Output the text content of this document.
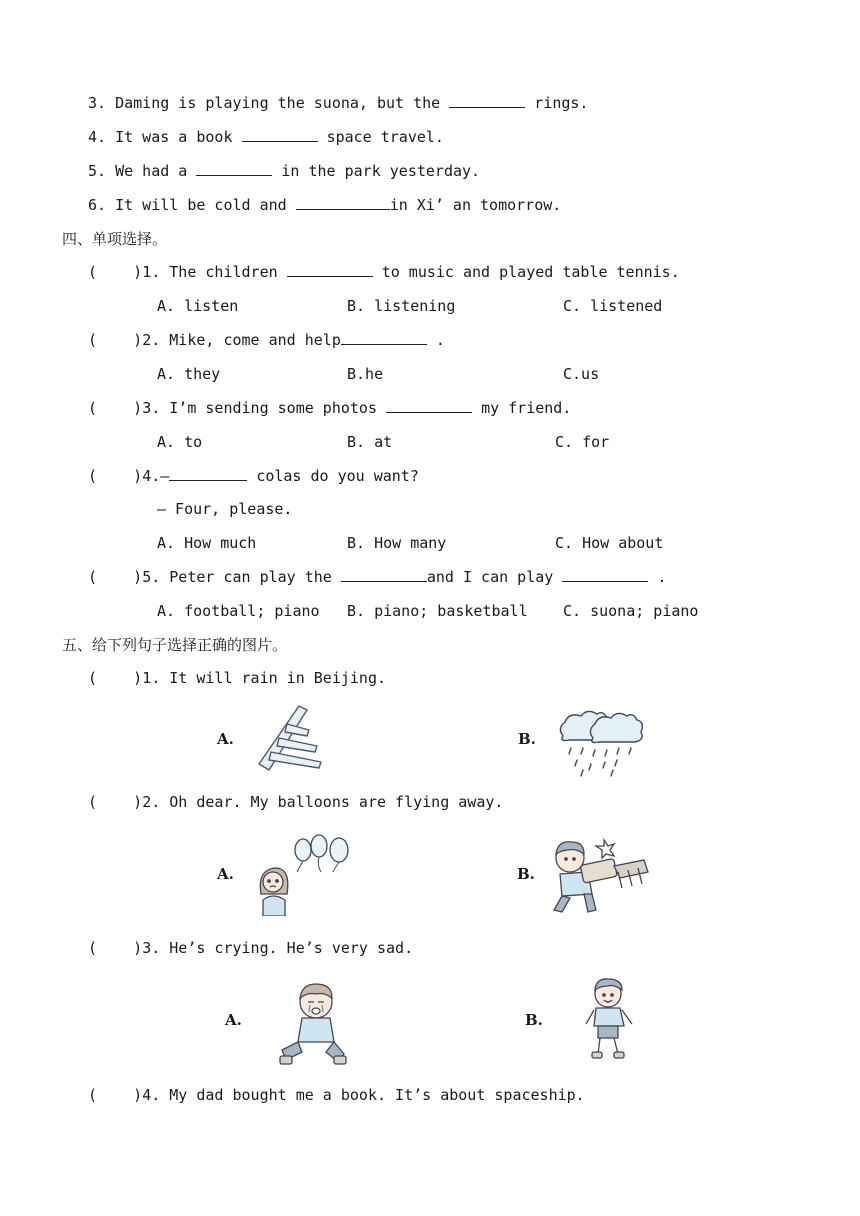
3. Daming is playing the suona, but the	rings.
4. It was a book	space travel.
5. We had a	in the park yesterday.
6. It will be cold and	in Xi’ an tomorrow.
四、单项选择。
(    )1. The children	to music and played table tennis.
A. listen	B. listening	C. listened
(    )2. Mike, come and help	.
A. they	B.he	C.us
(    )3. I’m sending some photos	my friend.
A. to	B. at	C. for
(    )4.—	colas do you want?
— Four, please.
A. How much	B. How many	C. How about
(    )5. Peter can play the	and I can play	.
A. football; piano B. piano; basketball C. suona; piano
五、给下列句子选择正确的图片。
(    )1. It will rain in Beijing.
A.	B.
(    )2. Oh dear. My balloons are flying away.
A.	B.
(    )3. He’s crying. He’s very sad.
A.	B.
(    )4. My dad bought me a book. It’s about spaceship.
